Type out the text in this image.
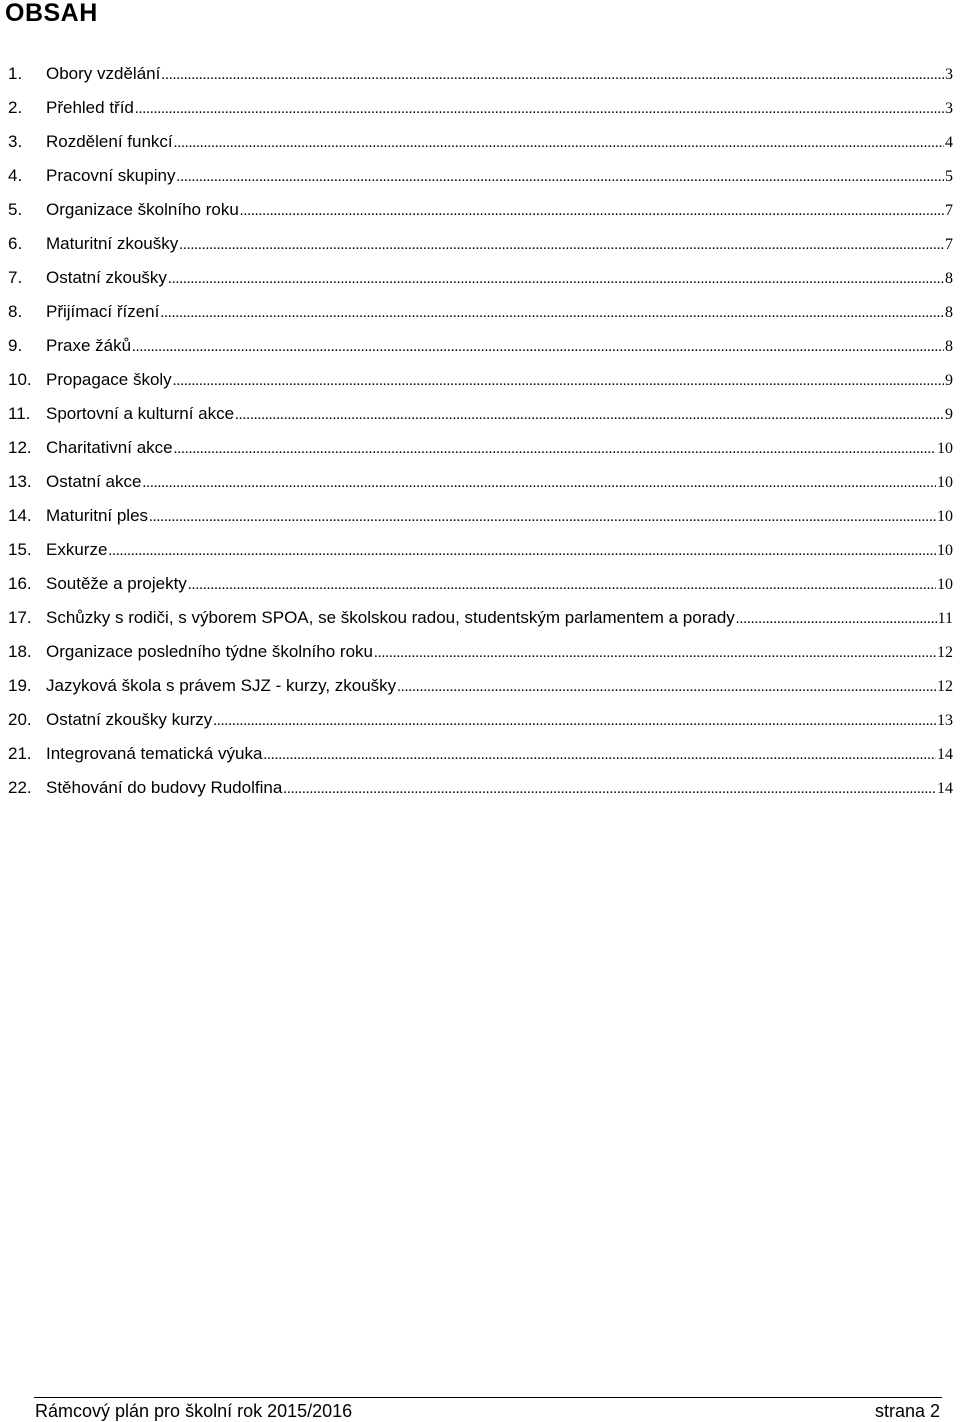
OBSAH
1.	Obory vzdělání .....	3
2.	Přehled tříd .....	3
3.	Rozdělení funkcí .....	4
4.	Pracovní skupiny .....	5
5.	Organizace školního roku .....	7
6.	Maturitní zkoušky .....	7
7.	Ostatní zkoušky .....	8
8.	Přijímací řízení .....	8
9.	Praxe žáků .....	8
10. Propagace školy .....	9
11. Sportovní a kulturní akce .....	9
12. Charitativní akce .....	10
13. Ostatní akce .....	10
14. Maturitní ples .....	10
15. Exkurze .....	10
16. Soutěže a projekty .....	10
17. Schůzky s rodiči, s výborem SPOA, se školskou radou, studentským parlamentem a porady .....	11
18. Organizace posledního týdne školního roku .....	12
19. Jazyková škola s právem SJZ - kurzy, zkoušky .....	12
20. Ostatní zkoušky kurzy .....	13
21. Integrovaná tematická výuka .....	14
22. Stěhování do budovy Rudolfina .....	14
Rámcový plán pro školní rok 2015/2016	strana 2
